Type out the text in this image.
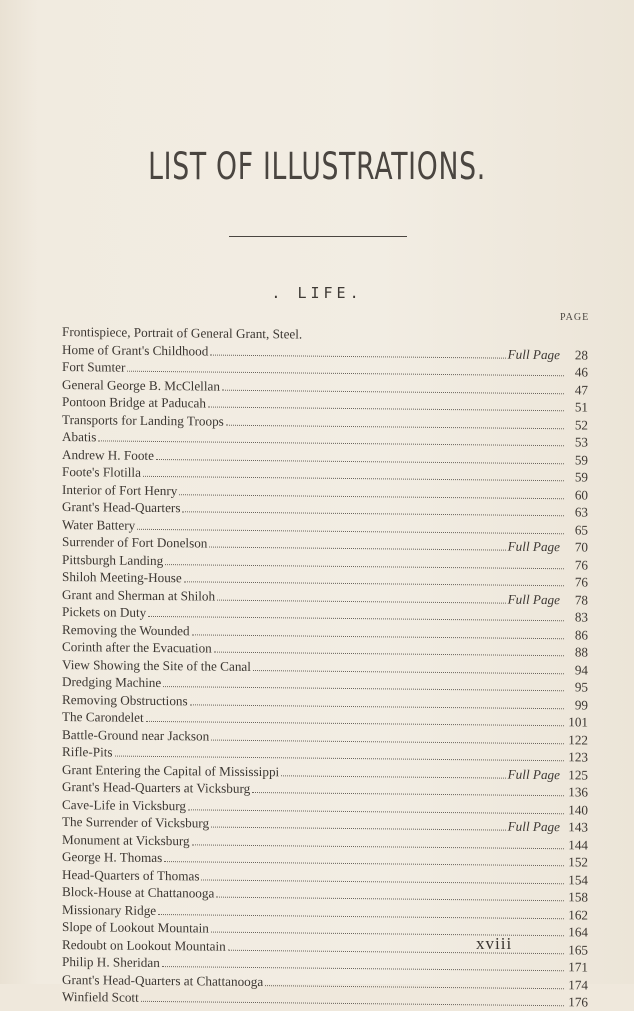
LIST OF ILLUSTRATIONS.
. LIFE.
PAGE
Frontispiece, Portrait of General Grant, Steel.
Home of Grant's Childhood	Full Page	28
Fort Sumter	46
General George B. McClellan	47
Pontoon Bridge at Paducah	51
Transports for Landing Troops	52
Abatis	53
Andrew H. Foote	59
Foote's Flotilla	59
Interior of Fort Henry	60
Grant's Head-Quarters	63
Water Battery	65
Surrender of Fort Donelson	Full Page	70
Pittsburgh Landing	76
Shiloh Meeting-House	76
Grant and Sherman at Shiloh	Full Page	78
Pickets on Duty	83
Removing the Wounded	86
Corinth after the Evacuation	88
View Showing the Site of the Canal	94
Dredging Machine	95
Removing Obstructions	99
The Carondelet	101
Battle-Ground near Jackson	122
Rifle-Pits	123
Grant Entering the Capital of Mississippi	Full Page 125
Grant's Head-Quarters at Vicksburg	136
Cave-Life in Vicksburg	140
The Surrender of Vicksburg	Full Page 143
Monument at Vicksburg	144
George H. Thomas	152
Head-Quarters of Thomas	154
Block-House at Chattanooga	158
Missionary Ridge	162
Slope of Lookout Mountain	164
Redoubt on Lookout Mountain	165
Philip H. Sheridan	171
Grant's Head-Quarters at Chattanooga	174
Winfield Scott	176
xviii
